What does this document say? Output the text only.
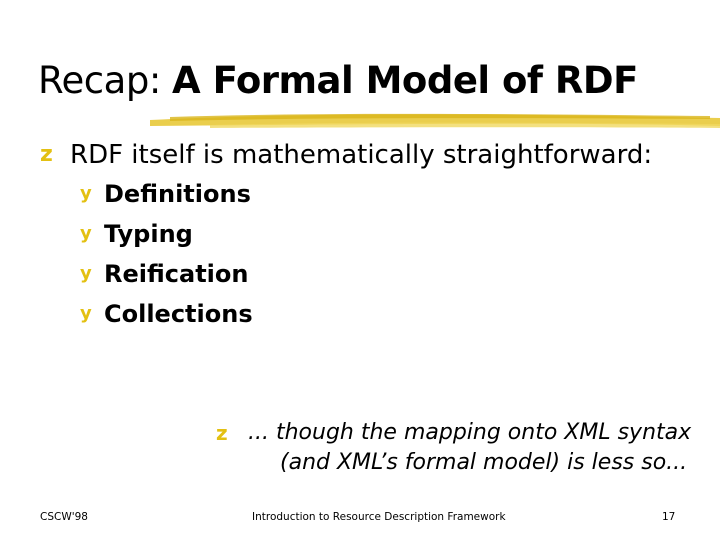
Recap: A Formal Model of RDF
z RDF itself is mathematically straightforward:
y Definitions
y Typing
y Reification
y Collections
z ... though the mapping onto XML syntax
(and XML’s formal model) is less so...
CSCW'98	Introduction to Resource Description Framework	17
